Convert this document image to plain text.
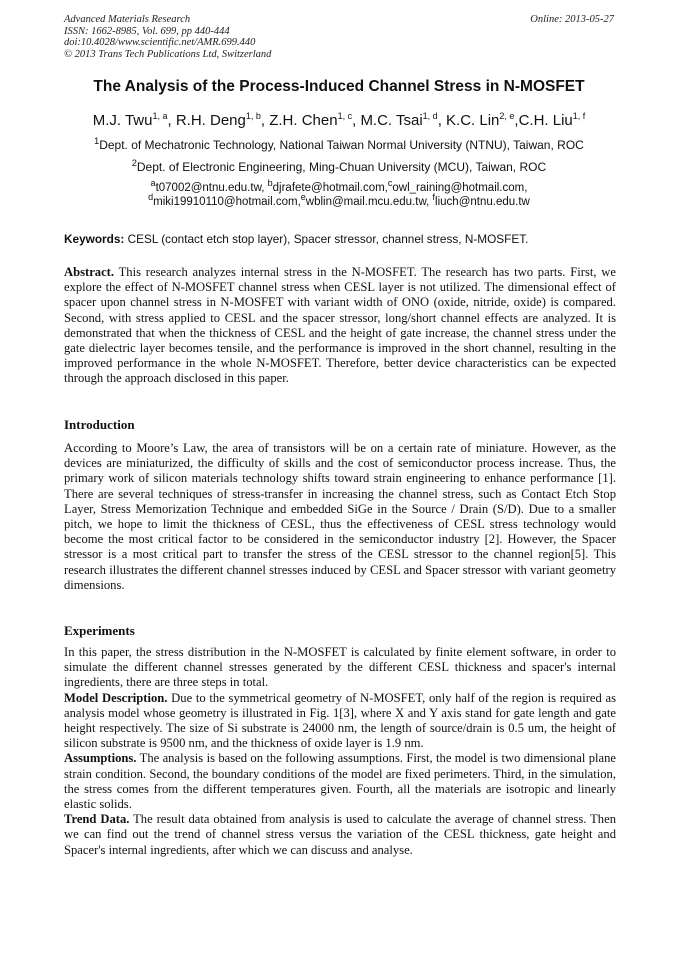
Advanced Materials Research
ISSN: 1662-8985, Vol. 699, pp 440-444
doi:10.4028/www.scientific.net/AMR.699.440
© 2013 Trans Tech Publications Ltd, Switzerland
Online: 2013-05-27
The Analysis of the Process-Induced Channel Stress in N-MOSFET
M.J. Twu$^{1, a}$, R.H. Deng$^{1, b}$, Z.H. Chen$^{1, c}$, M.C. Tsai$^{1, d}$, K.C. Lin$^{2, e}$,C.H. Liu$^{1, f}$
$^1$Dept. of Mechatronic Technology, National Taiwan Normal University (NTNU), Taiwan, ROC
$^2$Dept. of Electronic Engineering, Ming-Chuan University (MCU), Taiwan, ROC
$^a$t07002@ntnu.edu.tw, $^b$djrafete@hotmail.com,$^c$owl_raining@hotmail.com,
$^d$miki19910110@hotmail.com,$^e$wblin@mail.mcu.edu.tw, $^f$liuch@ntnu.edu.tw
Keywords: CESL (contact etch stop layer), Spacer stressor, channel stress, N-MOSFET.
Abstract. This research analyzes internal stress in the N-MOSFET. The research has two parts. First, we explore the effect of N-MOSFET channel stress when CESL layer is not utilized. The dimensional effect of spacer upon channel stress in N-MOSFET with variant width of ONO (oxide, nitride, oxide) is compared. Second, with stress applied to CESL and the spacer stressor, long/short channel effects are analyzed. It is demonstrated that when the thickness of CESL and the height of gate increase, the channel stress under the gate dielectric layer becomes tensile, and the performance is improved in the short channel, resulting in the improved performance in the whole N-MOSFET. Therefore, better device characteristics can be expected through the approach disclosed in this paper.
Introduction
According to Moore’s Law, the area of transistors will be on a certain rate of miniature. However, as the devices are miniaturized, the difficulty of skills and the cost of semiconductor process increase. Thus, the primary work of silicon materials technology shifts toward strain engineering to enhance performance [1]. There are several techniques of stress-transfer in increasing the channel stress, such as Contact Etch Stop Layer, Stress Memorization Technique and embedded SiGe in the Source / Drain (S/D). Due to a smaller pitch, we hope to limit the thickness of CESL, thus the effectiveness of CESL stress technology would become the most critical factor to be considered in the semiconductor industry [2]. However, the Spacer stressor is a most critical part to transfer the stress of the CESL stressor to the channel region[5]. This research illustrates the different channel stresses induced by CESL and Spacer stressor with variant geometry dimensions.
Experiments
In this paper, the stress distribution in the N-MOSFET is calculated by finite element software, in order to simulate the different channel stresses generated by the different CESL thickness and spacer's internal ingredients, there are three steps in total.
Model Description. Due to the symmetrical geometry of N-MOSFET, only half of the region is required as analysis model whose geometry is illustrated in Fig. 1[3], where X and Y axis stand for gate length and gate height respectively. The size of Si substrate is 24000 nm, the length of source/drain is 0.5 um, the height of silicon substrate is 9500 nm, and the thickness of oxide layer is 1.9 nm.
Assumptions. The analysis is based on the following assumptions. First, the model is two dimensional plane strain condition. Second, the boundary conditions of the model are fixed perimeters. Third, in the simulation, the stress comes from the different temperatures given. Fourth, all the materials are isotropic and linearly elastic solids.
Trend Data. The result data obtained from analysis is used to calculate the average of channel stress. Then we can find out the trend of channel stress versus the variation of the CESL thickness, gate height and Spacer's internal ingredients, after which we can discuss and analyse.
